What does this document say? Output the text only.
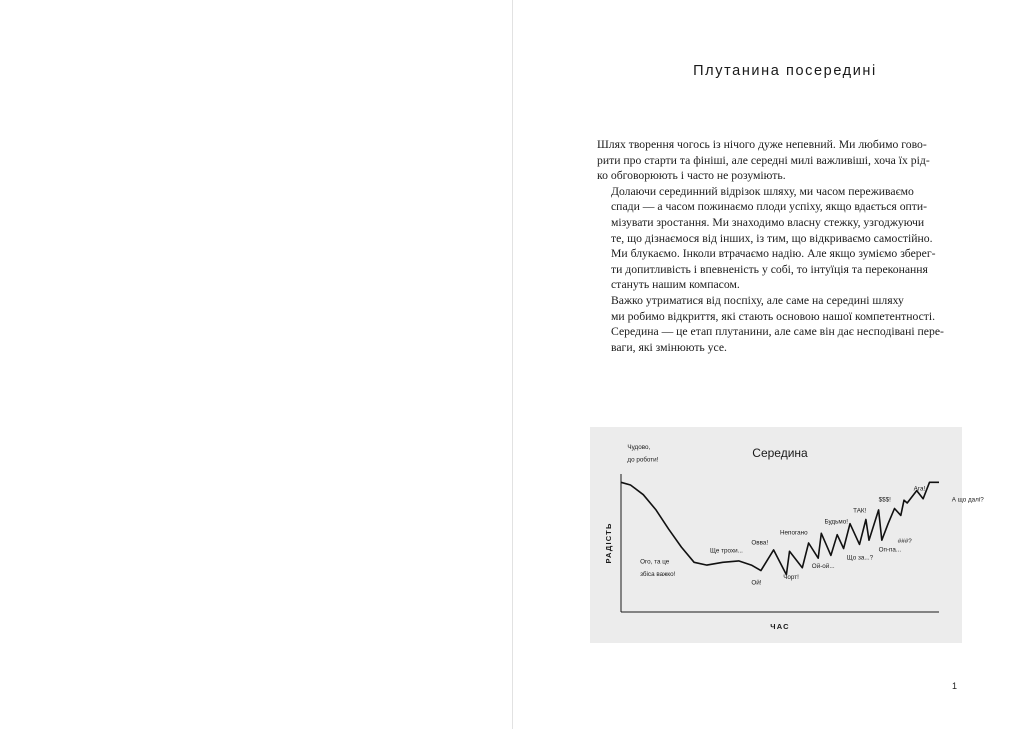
Плутанина посередині

Шлях творення чогось із нічого дуже непевний. Ми любимо гово-
рити про старти та фініші, але середні милі важливіші, хоча їх рід-
ко обговорюють і часто не розуміють.

Долаючи серединний відрізок шляху, ми часом переживаємо
спади — а часом пожинаємо плоди успіху, якщо вдається опти-
мізувати зростання. Ми знаходимо власну стежку, узгоджуючи
те, що дізнаємося від інших, із тим, що відкриваємо самостійно.
Ми блукаємо. Інколи втрачаємо надію. Але якщо зуміємо зберег-
ти допитливість і впевненість у собі, то інтуїція та переконання
стануть нашим компасом.

Важко утриматися від поспіху, але саме на середині шляху
ми робимо відкриття, які стають основою нашої компетентності.
Середина — це етап плутанини, але саме він дає несподівані пере-
ваги, які змінюють усе.

Середина
РАДІСТЬ
ЧАС
Чудово,
до роботи!
Ого, та це
збіса важко!
Ще трохи...
Овва!
Ой!
Непогано
Чорт!
Ой-ой...
Будьмо!
Що за...?
ТАК!
Оп-па...
$$$!
###?
Ага!
А що далі?
1
